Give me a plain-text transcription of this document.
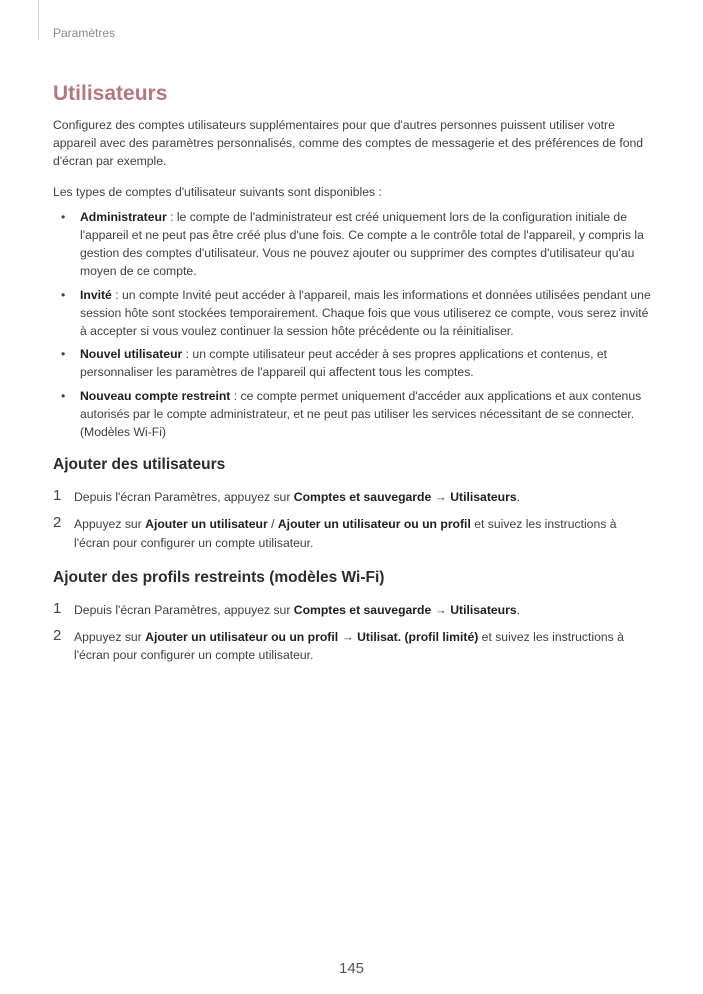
Paramètres
Utilisateurs

Configurez des comptes utilisateurs supplémentaires pour que d'autres personnes puissent utiliser votre appareil avec des paramètres personnalisés, comme des comptes de messagerie et des préférences de fond d'écran par exemple.

Les types de comptes d'utilisateur suivants sont disponibles :

• Administrateur : le compte de l'administrateur est créé uniquement lors de la configuration initiale de l'appareil et ne peut pas être créé plus d'une fois. Ce compte a le contrôle total de l'appareil, y compris la gestion des comptes d'utilisateur. Vous ne pouvez ajouter ou supprimer des comptes d'utilisateur qu'au moyen de ce compte.
• Invité : un compte Invité peut accéder à l'appareil, mais les informations et données utilisées pendant une session hôte sont stockées temporairement. Chaque fois que vous utiliserez ce compte, vous serez invité à accepter si vous voulez continuer la session hôte précédente ou la réinitialiser.
• Nouvel utilisateur : un compte utilisateur peut accéder à ses propres applications et contenus, et personnaliser les paramètres de l'appareil qui affectent tous les comptes.
• Nouveau compte restreint : ce compte permet uniquement d'accéder aux applications et aux contenus autorisés par le compte administrateur, et ne peut pas utiliser les services nécessitant de se connecter. (Modèles Wi-Fi)
Ajouter des utilisateurs
1 Depuis l'écran Paramètres, appuyez sur Comptes et sauvegarde → Utilisateurs.
2 Appuyez sur Ajouter un utilisateur / Ajouter un utilisateur ou un profil et suivez les instructions à l'écran pour configurer un compte utilisateur.
Ajouter des profils restreints (modèles Wi-Fi)
1 Depuis l'écran Paramètres, appuyez sur Comptes et sauvegarde → Utilisateurs.
2 Appuyez sur Ajouter un utilisateur ou un profil → Utilisat. (profil limité) et suivez les instructions à l'écran pour configurer un compte utilisateur.
145
